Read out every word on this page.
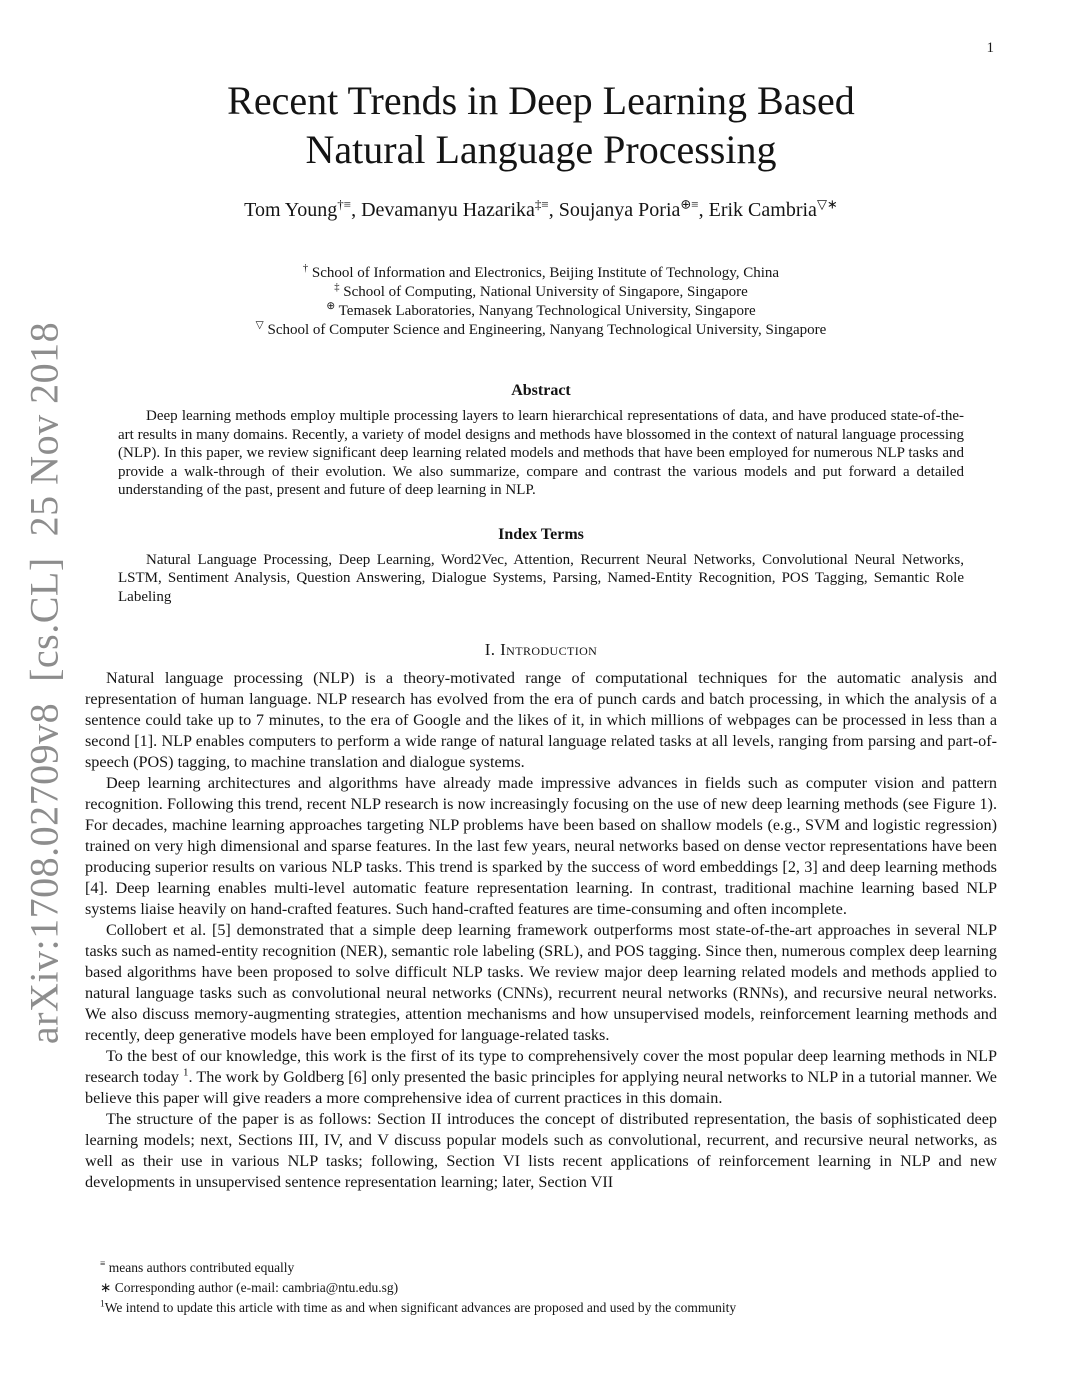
1
arXiv:1708.02709v8  [cs.CL]  25 Nov 2018
Recent Trends in Deep Learning Based
Natural Language Processing
Tom Young†≡, Devamanyu Hazarika‡≡, Soujanya Poria⊕≡, Erik Cambria▽∗
† School of Information and Electronics, Beijing Institute of Technology, China
‡ School of Computing, National University of Singapore, Singapore
⊕ Temasek Laboratories, Nanyang Technological University, Singapore
▽ School of Computer Science and Engineering, Nanyang Technological University, Singapore
Abstract

Deep learning methods employ multiple processing layers to learn hierarchical representations of data, and have produced state-of-the-art results in many domains. Recently, a variety of model designs and methods have blossomed in the context of natural language processing (NLP). In this paper, we review significant deep learning related models and methods that have been employed for numerous NLP tasks and provide a walk-through of their evolution. We also summarize, compare and contrast the various models and put forward a detailed understanding of the past, present and future of deep learning in NLP.

Index Terms

Natural Language Processing, Deep Learning, Word2Vec, Attention, Recurrent Neural Networks, Convolutional Neural Networks, LSTM, Sentiment Analysis, Question Answering, Dialogue Systems, Parsing, Named-Entity Recognition, POS Tagging, Semantic Role Labeling

I. Introduction

Natural language processing (NLP) is a theory-motivated range of computational techniques for the automatic analysis and representation of human language. NLP research has evolved from the era of punch cards and batch processing, in which the analysis of a sentence could take up to 7 minutes, to the era of Google and the likes of it, in which millions of webpages can be processed in less than a second [1]. NLP enables computers to perform a wide range of natural language related tasks at all levels, ranging from parsing and part-of-speech (POS) tagging, to machine translation and dialogue systems.

Deep learning architectures and algorithms have already made impressive advances in fields such as computer vision and pattern recognition. Following this trend, recent NLP research is now increasingly focusing on the use of new deep learning methods (see Figure 1). For decades, machine learning approaches targeting NLP problems have been based on shallow models (e.g., SVM and logistic regression) trained on very high dimensional and sparse features. In the last few years, neural networks based on dense vector representations have been producing superior results on various NLP tasks. This trend is sparked by the success of word embeddings [2, 3] and deep learning methods [4]. Deep learning enables multi-level automatic feature representation learning. In contrast, traditional machine learning based NLP systems liaise heavily on hand-crafted features. Such hand-crafted features are time-consuming and often incomplete.

Collobert et al. [5] demonstrated that a simple deep learning framework outperforms most state-of-the-art approaches in several NLP tasks such as named-entity recognition (NER), semantic role labeling (SRL), and POS tagging. Since then, numerous complex deep learning based algorithms have been proposed to solve difficult NLP tasks. We review major deep learning related models and methods applied to natural language tasks such as convolutional neural networks (CNNs), recurrent neural networks (RNNs), and recursive neural networks. We also discuss memory-augmenting strategies, attention mechanisms and how unsupervised models, reinforcement learning methods and recently, deep generative models have been employed for language-related tasks.

To the best of our knowledge, this work is the first of its type to comprehensively cover the most popular deep learning methods in NLP research today $^1$. The work by Goldberg [6] only presented the basic principles for applying neural networks to NLP in a tutorial manner. We believe this paper will give readers a more comprehensive idea of current practices in this domain.

The structure of the paper is as follows: Section II introduces the concept of distributed representation, the basis of sophisticated deep learning models; next, Sections III, IV, and V discuss popular models such as convolutional, recurrent, and recursive neural networks, as well as their use in various NLP tasks; following, Section VI lists recent applications of reinforcement learning in NLP and new developments in unsupervised sentence representation learning; later, Section VII

≡ means authors contributed equally

∗ Corresponding author (e-mail: cambria@ntu.edu.sg)

$^1$We intend to update this article with time as and when significant advances are proposed and used by the community
